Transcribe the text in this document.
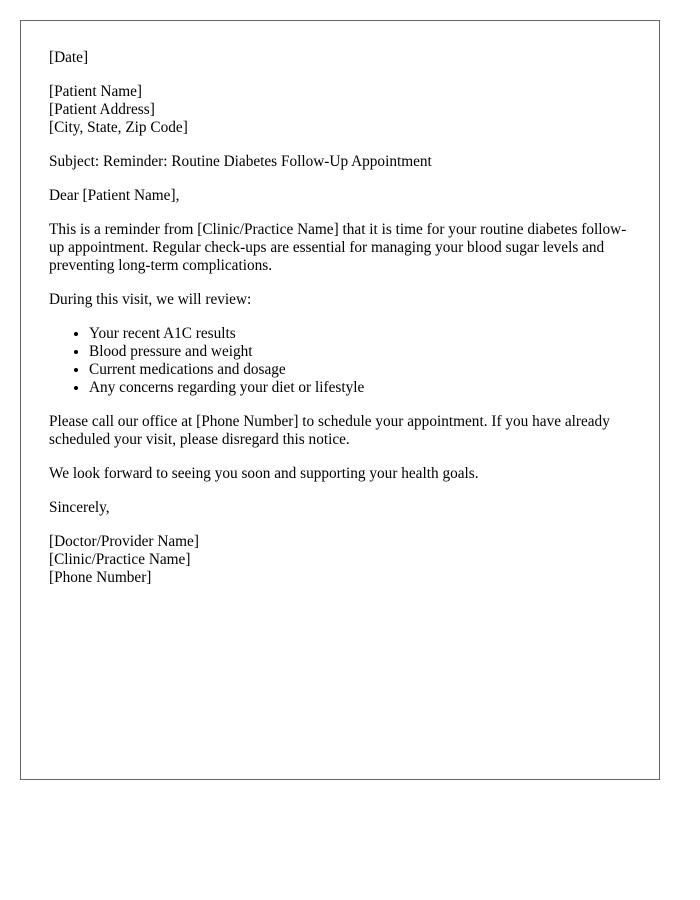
[Date]

[Patient Name]
[Patient Address]
[City, State, Zip Code]

Subject: Reminder: Routine Diabetes Follow-Up Appointment

Dear [Patient Name],

This is a reminder from [Clinic/Practice Name] that it is time for your routine diabetes follow-up appointment. Regular check-ups are essential for managing your blood sugar levels and preventing long-term complications.

During this visit, we will review:

• Your recent A1C results
• Blood pressure and weight
• Current medications and dosage
• Any concerns regarding your diet or lifestyle

Please call our office at [Phone Number] to schedule your appointment. If you have already scheduled your visit, please disregard this notice.

We look forward to seeing you soon and supporting your health goals.

Sincerely,

[Doctor/Provider Name]
[Clinic/Practice Name]
[Phone Number]
